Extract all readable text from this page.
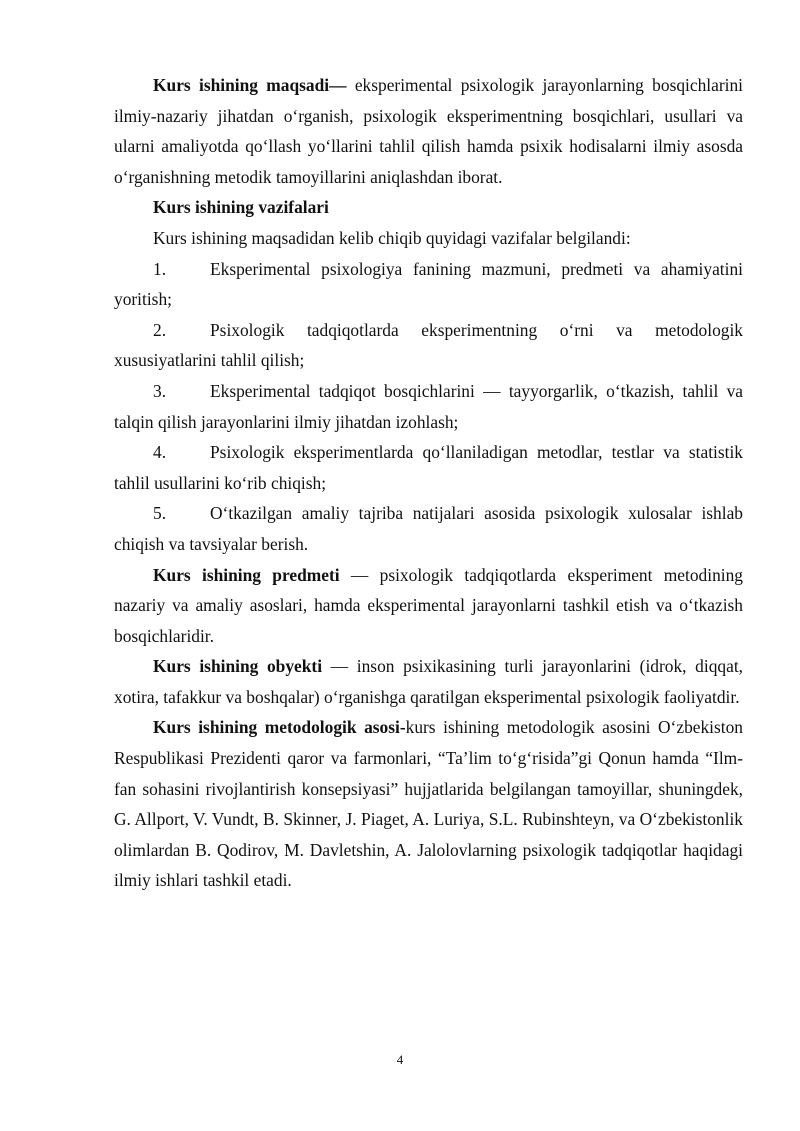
Kurs ishining maqsadi— eksperimental psixologik jarayonlarning bosqichlarini ilmiy-nazariy jihatdan o‘rganish, psixologik eksperimentning bosqichlari, usullari va ularni amaliyotda qo‘llash yo‘llarini tahlil qilish hamda psixik hodisalarni ilmiy asosda o‘rganishning metodik tamoyillarini aniqlashdan iborat.

Kurs ishining vazifalari

Kurs ishining maqsadidan kelib chiqib quyidagi vazifalar belgilandi:

1.	Eksperimental psixologiya fanining mazmuni, predmeti va ahamiyatini yoritish;

2.	Psixologik tadqiqotlarda eksperimentning o‘rni va metodologik xususiyatlarini tahlil qilish;

3.	Eksperimental tadqiqot bosqichlarini — tayyorgarlik, o‘tkazish, tahlil va talqin qilish jarayonlarini ilmiy jihatdan izohlash;

4.	Psixologik eksperimentlarda qo‘llaniladigan metodlar, testlar va statistik tahlil usullarini ko‘rib chiqish;

5.	O‘tkazilgan amaliy tajriba natijalari asosida psixologik xulosalar ishlab chiqish va tavsiyalar berish.

Kurs ishining predmeti — psixologik tadqiqotlarda eksperiment metodining nazariy va amaliy asoslari, hamda eksperimental jarayonlarni tashkil etish va o‘tkazish bosqichlaridir.

Kurs ishining obyekti — inson psixikasining turli jarayonlarini (idrok, diqqat, xotira, tafakkur va boshqalar) o‘rganishga qaratilgan eksperimental psixologik faoliyatdir.

Kurs ishining metodologik asosi-kurs ishining metodologik asosini O‘zbekiston Respublikasi Prezidenti qaror va farmonlari, “Ta’lim to‘g‘risida”gi Qonun hamda “Ilm-fan sohasini rivojlantirish konsepsiyasi” hujjatlarida belgilangan tamoyillar, shuningdek, G. Allport, V. Vundt, B. Skinner, J. Piaget, A. Luriya, S.L. Rubinshteyn, va O‘zbekistonlik olimlardan B. Qodirov, M. Davletshin, A. Jalolovlarning psixologik tadqiqotlar haqidagi ilmiy ishlari tashkil etadi.

4
